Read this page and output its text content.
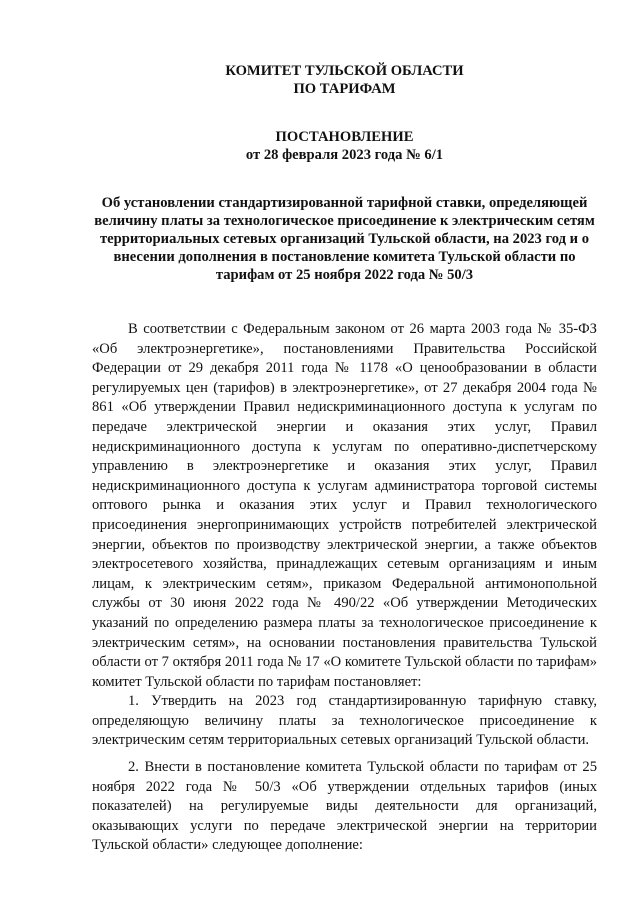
КОМИТЕТ ТУЛЬСКОЙ ОБЛАСТИ
ПО ТАРИФАМ

ПОСТАНОВЛЕНИЕ

от 28 февраля 2023 года № 6/1

Об установлении стандартизированной тарифной ставки, определяющей величину платы за технологическое присоединение к электрическим сетям территориальных сетевых организаций Тульской области, на 2023 год и о внесении дополнения в постановление комитета Тульской области по тарифам от 25 ноября 2022 года № 50/3

В соответствии с Федеральным законом от 26 марта 2003 года № 35-ФЗ «Об электроэнергетике», постановлениями Правительства Российской Федерации от 29 декабря 2011 года № 1178 «О ценообразовании в области регулируемых цен (тарифов) в электроэнергетике», от 27 декабря 2004 года № 861 «Об утверждении Правил недискриминационного доступа к услугам по передаче электрической энергии и оказания этих услуг, Правил недискриминационного доступа к услугам по оперативно-диспетчерскому управлению в электроэнергетике и оказания этих услуг, Правил недискриминационного доступа к услугам администратора торговой системы оптового рынка и оказания этих услуг и Правил технологического присоединения энергопринимающих устройств потребителей электрической энергии, объектов по производству электрической энергии, а также объектов электросетевого хозяйства, принадлежащих сетевым организациям и иным лицам, к электрическим сетям», приказом Федеральной антимонопольной службы от 30 июня 2022 года № 490/22 «Об утверждении Методических указаний по определению размера платы за технологическое присоединение к электрическим сетям», на основании постановления правительства Тульской области от 7 октября 2011 года № 17 «О комитете Тульской области по тарифам» комитет Тульской области по тарифам постановляет:

1. Утвердить на 2023 год стандартизированную тарифную ставку, определяющую величину платы за технологическое присоединение к электрическим сетям территориальных сетевых организаций Тульской области.

2. Внести в постановление комитета Тульской области по тарифам от 25 ноября 2022 года № 50/3 «Об утверждении отдельных тарифов (иных показателей) на регулируемые виды деятельности для организаций, оказывающих услуги по передаче электрической энергии на территории Тульской области» следующее дополнение:
